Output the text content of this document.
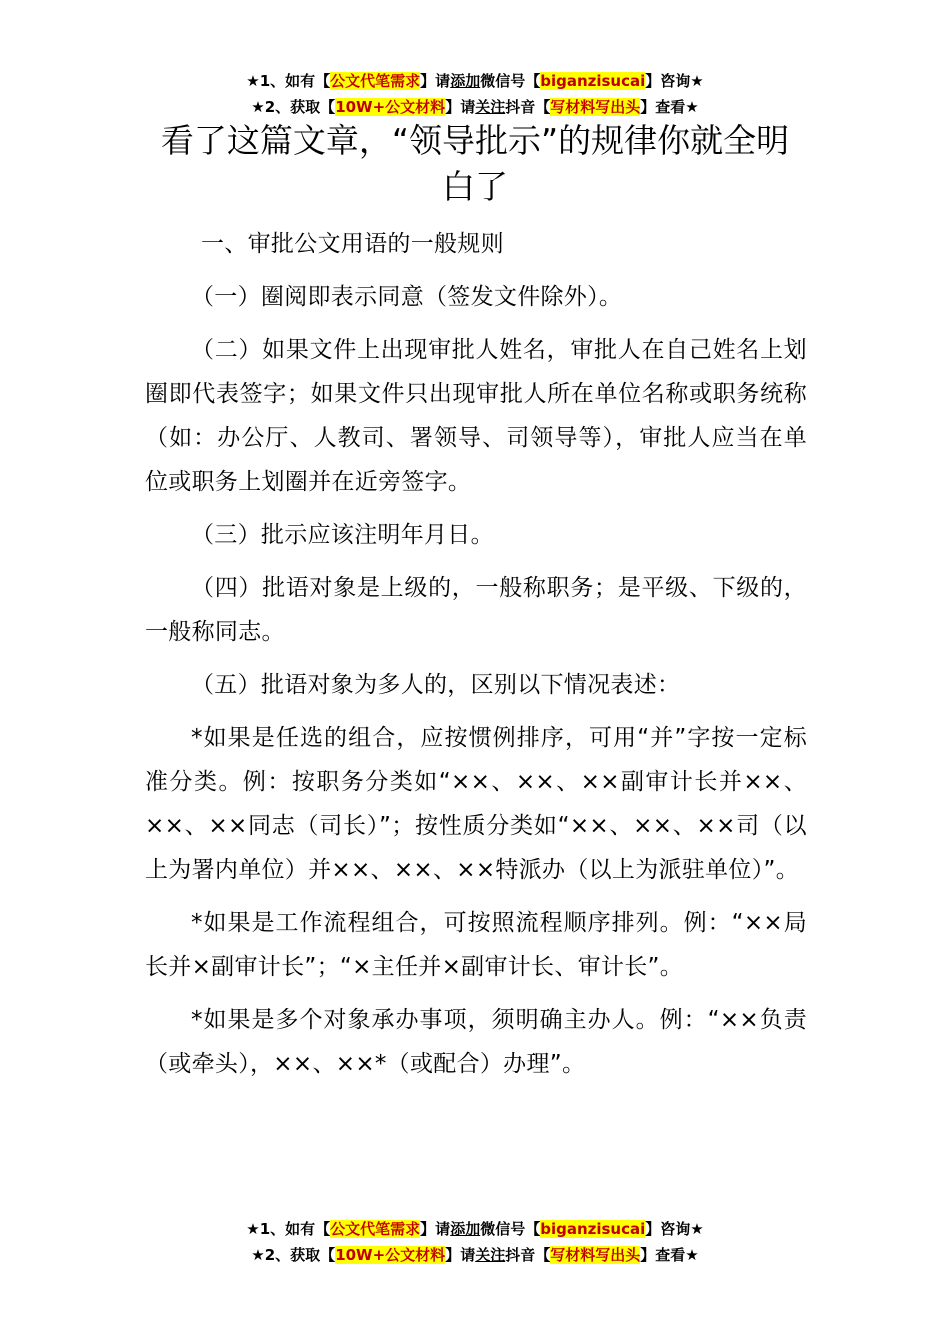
★1、如有【公文代笔需求】请添加微信号【biganzisucai】咨询★
★2、获取【10W+公文材料】请关注抖音【写材料写出头】查看★
看了这篇文章，“领导批示”的规律你就全明白了

一、审批公文用语的一般规则

（一）圈阅即表示同意（签发文件除外）。

（二）如果文件上出现审批人姓名，审批人在自己姓名上划圈即代表签字；如果文件只出现审批人所在单位名称或职务统称（如：办公厅、人教司、署领导、司领导等），审批人应当在单位或职务上划圈并在近旁签字。

（三）批示应该注明年月日。

（四）批语对象是上级的，一般称职务；是平级、下级的，一般称同志。

（五）批语对象为多人的，区别以下情况表述：

*如果是任选的组合，应按惯例排序，可用“并”字按一定标准分类。例：按职务分类如“××、××、××副审计长并××、××、××同志（司长）”；按性质分类如“××、××、××司（以上为署内单位）并××、××、××特派办（以上为派驻单位）”。

*如果是工作流程组合，可按照流程顺序排列。例：“××局长并×副审计长”；“×主任并×副审计长、审计长”。

*如果是多个对象承办事项，须明确主办人。例：“××负责（或牵头），××、××*（或配合）办理”。

★1、如有【公文代笔需求】请添加微信号【biganzisucai】咨询★
★2、获取【10W+公文材料】请关注抖音【写材料写出头】查看★
